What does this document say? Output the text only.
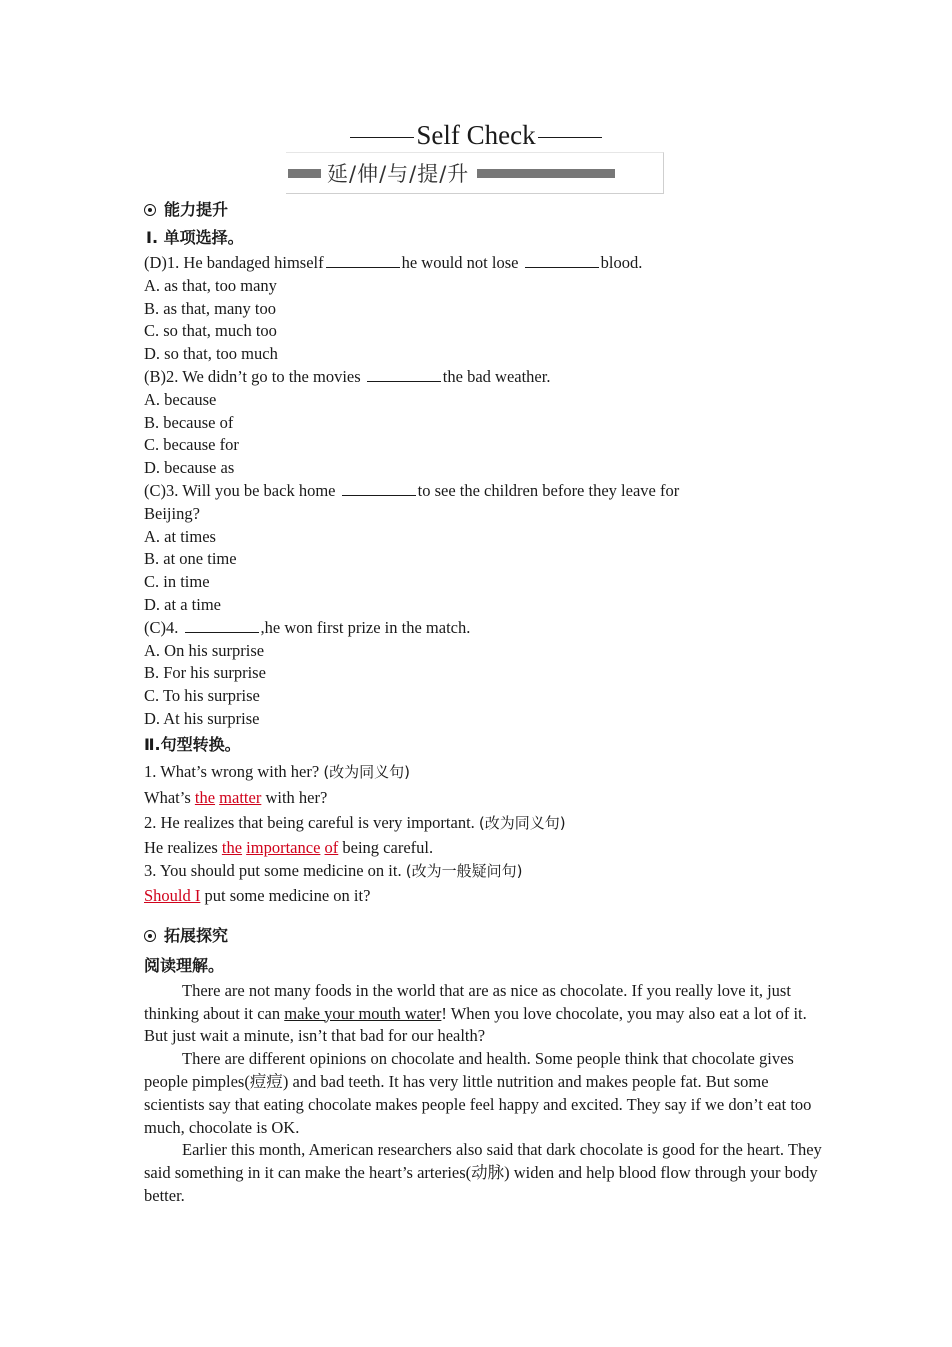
Self Check
延/伸/与/提/升
能力提升
Ⅰ. 单项选择。
(D)1. He bandaged himself	he would not lose	blood.
A. as that, too many
B. as that, many too
C. so that, much too
D. so that, too much
(B)2. We didn’t go to the movies	the bad weather.
A. because
B. because of
C. because for
D. because as
(C)3. Will you be back home	to see the children before they leave for
Beijing?
A. at times
B. at one time
C. in time
D. at a time
(C)4.	,he won first prize in the match.
A. On his surprise
B. For his surprise
C. To his surprise
D. At his surprise
Ⅱ.句型转换。
1. What’s wrong with her? (改为同义句)
What’s the matter with her?
2. He realizes that being careful is very important. (改为同义句)
He realizes the importance of being careful.
3. You should put some medicine on it. (改为一般疑问句)
Should I put some medicine on it?
拓展探究
阅读理解。

There are not many foods in the world that are as nice as chocolate. If you really love it, just thinking about it can make your mouth water! When you love chocolate, you may also eat a lot of it. But just wait a minute, isn’t that bad for our health?

There are different opinions on chocolate and health. Some people think that chocolate gives people pimples(痘痘) and bad teeth. It has very little nutrition and makes people fat. But some scientists say that eating chocolate makes people feel happy and excited. They say if we don’t eat too much, chocolate is OK.

Earlier this month, American researchers also said that dark chocolate is good for the heart. They said something in it can make the heart’s arteries(动脉) widen and help blood flow through your body better.
